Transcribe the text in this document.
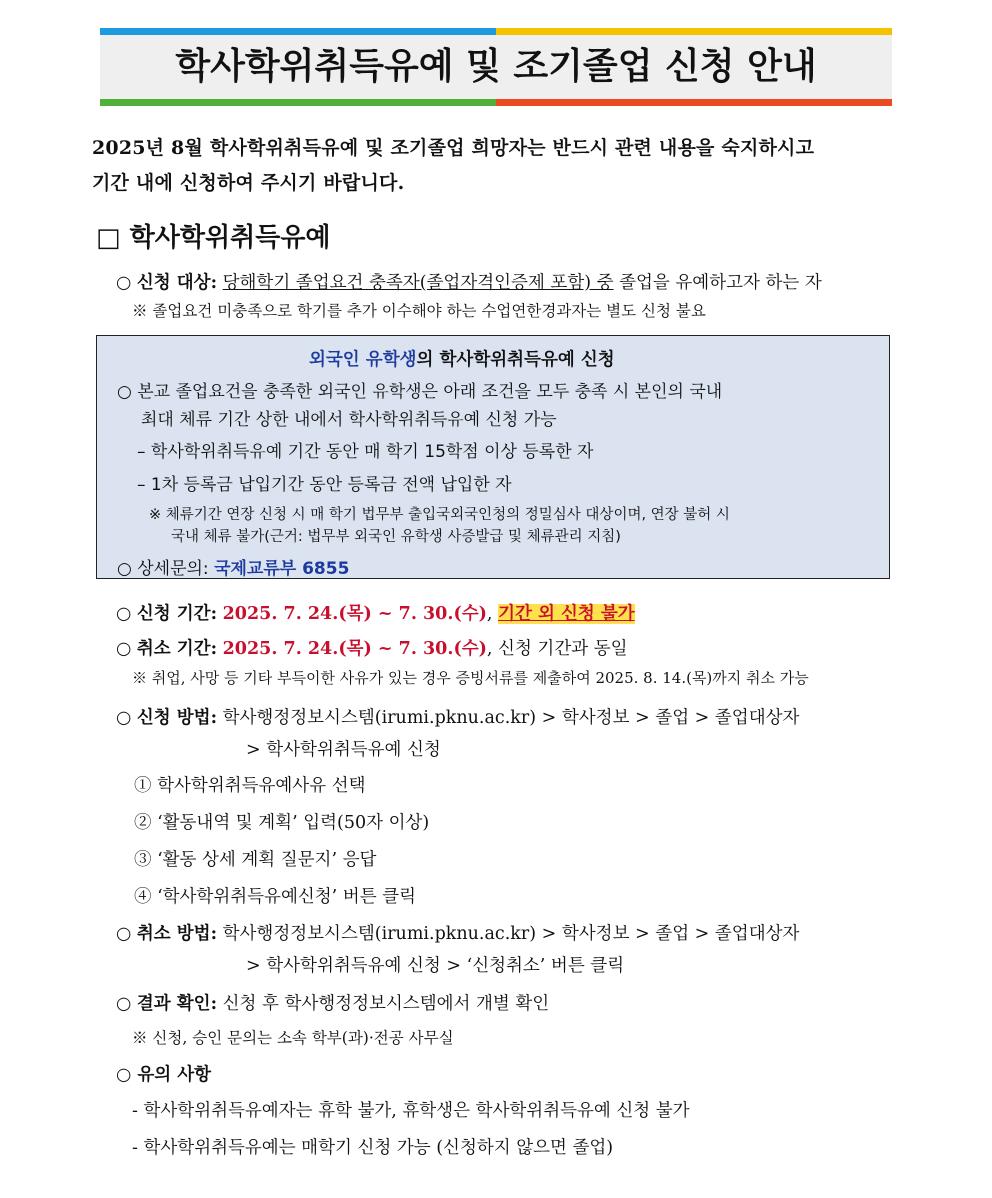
학사학위취득유예 및 조기졸업 신청 안내
2025년 8월 학사학위취득유예 및 조기졸업 희망자는 반드시 관련 내용을 숙지하시고
기간 내에 신청하여 주시기 바랍니다.
□ 학사학위취득유예
○ 신청 대상: 당해학기 졸업요건 충족자(졸업자격인증제 포함) 중 졸업을 유예하고자 하는 자
※ 졸업요건 미충족으로 학기를 추가 이수해야 하는 수업연한경과자는 별도 신청 불요
외국인 유학생의 학사학위취득유예 신청
○ 본교 졸업요건을 충족한 외국인 유학생은 아래 조건을 모두 충족 시 본인의 국내
최대 체류 기간 상한 내에서 학사학위취득유예 신청 가능
– 학사학위취득유예 기간 동안 매 학기 15학점 이상 등록한 자
– 1차 등록금 납입기간 동안 등록금 전액 납입한 자
※ 체류기간 연장 신청 시 매 학기 법무부 출입국외국인청의 정밀심사 대상이며, 연장 불허 시
국내 체류 불가(근거: 법무부 외국인 유학생 사증발급 및 체류관리 지침)
○ 상세문의: 국제교류부 6855
○ 신청 기간: 2025. 7. 24.(목) ~ 7. 30.(수), 기간 외 신청 불가
○ 취소 기간: 2025. 7. 24.(목) ~ 7. 30.(수), 신청 기간과 동일
※ 취업, 사망 등 기타 부득이한 사유가 있는 경우 증빙서류를 제출하여 2025. 8. 14.(목)까지 취소 가능
○ 신청 방법: 학사행정정보시스템(irumi.pknu.ac.kr) > 학사정보 > 졸업 > 졸업대상자
> 학사학위취득유예 신청
① 학사학위취득유예사유 선택
② ‘활동내역 및 계획’ 입력(50자 이상)
③ ‘활동 상세 계획 질문지’ 응답
④ ‘학사학위취득유예신청’ 버튼 클릭
○ 취소 방법: 학사행정정보시스템(irumi.pknu.ac.kr) > 학사정보 > 졸업 > 졸업대상자
> 학사학위취득유예 신청 > ‘신청취소’ 버튼 클릭
○ 결과 확인: 신청 후 학사행정정보시스템에서 개별 확인
※ 신청, 승인 문의는 소속 학부(과)·전공 사무실
○ 유의 사항
- 학사학위취득유예자는 휴학 불가, 휴학생은 학사학위취득유예 신청 불가
- 학사학위취득유예는 매학기 신청 가능 (신청하지 않으면 졸업)
